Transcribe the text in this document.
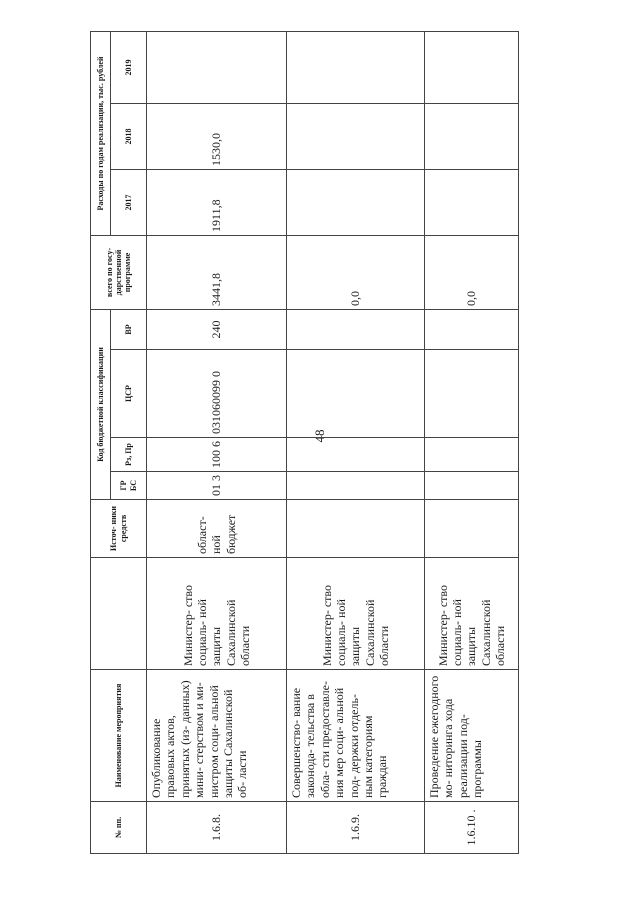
48
№ пп.	Наименование мероприятия		Источ- ники средств	Код бюджетной классификации				всего по госу- дарственной программе	Расходы по годам реализации, тыс. рублей		
				ГР БС	Рз, Пр	ЦСР	ВР		2017	2018	2019
1.6.8.	Опубликование правовых актов, принятых (из- данных) мини- стерством и ми- нистром соци- альной защиты Сахалинской об- ласти	Министер- ство социаль- ной защиты Сахалинской области	област- ной бюджет	01 3	100 6	031060099 0	240	3441,8	1911,8	1530,0	
1.6.9.	Совершенство- вание законода- тельства в обла- сти предоставле- ния мер соци- альной под- держки отдель- ным категориям граждан	Министер- ство социаль- ной защиты Сахалинской области						0,0			
1.6.10 .	Проведение ежегодного мо- ниторинга хода реализации под- программы	Министер- ство социаль- ной защиты Сахалинской области						0,0			
